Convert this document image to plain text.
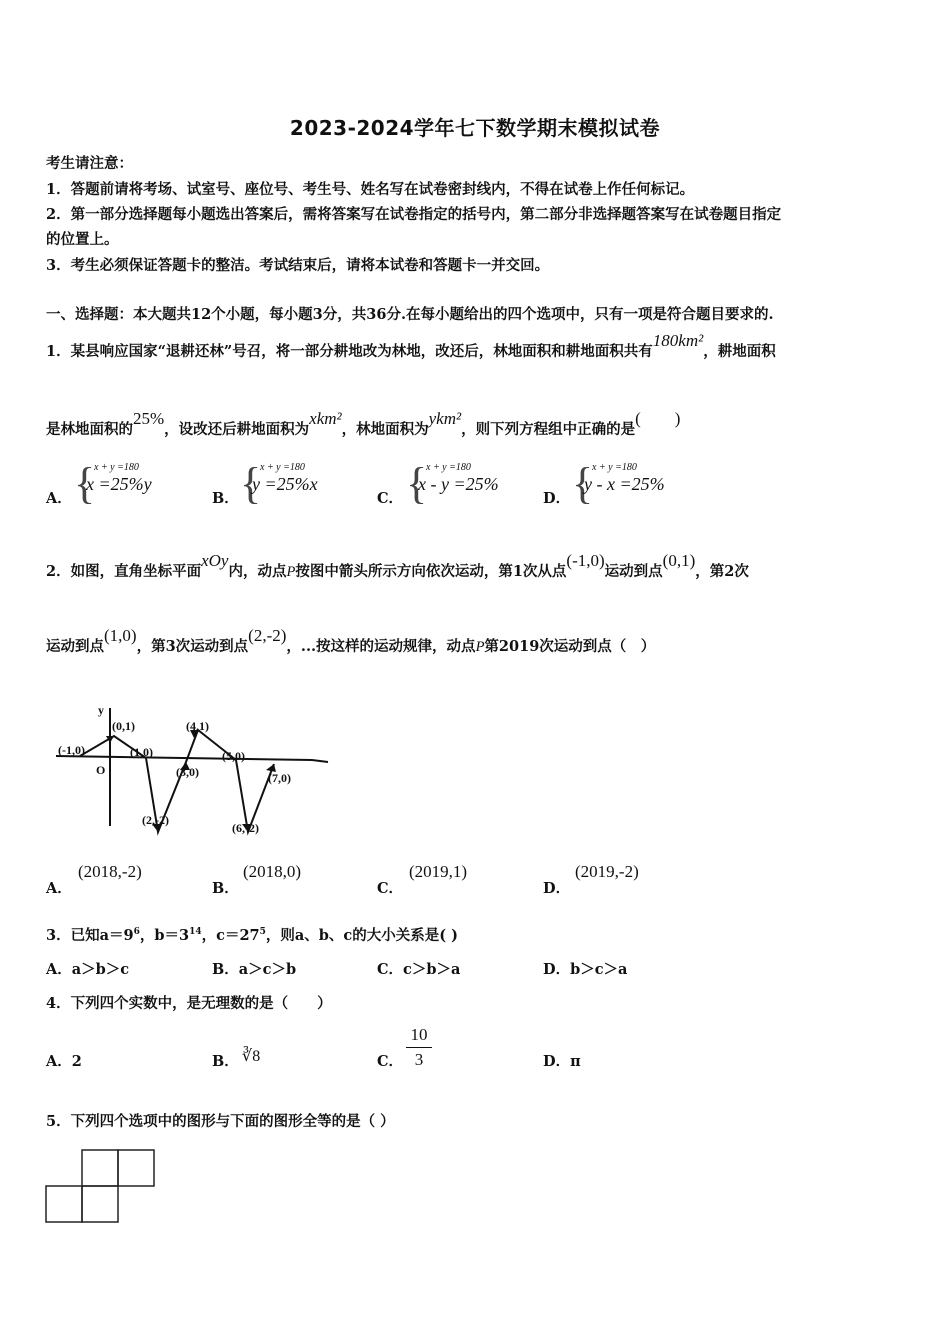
2023-2024学年七下数学期末模拟试卷
考生请注意：
1．答题前请将考场、试室号、座位号、考生号、姓名写在试卷密封线内，不得在试卷上作任何标记。
2．第一部分选择题每小题选出答案后，需将答案写在试卷指定的括号内，第二部分非选择题答案写在试卷题目指定
的位置上。
3．考生必须保证答题卡的整洁。考试结束后，请将本试卷和答题卡一并交回。
一、选择题：本大题共12个小题，每小题3分，共36分.在每小题给出的四个选项中，只有一项是符合题目要求的.
1．某县响应国家“退耕还林”号召，将一部分耕地改为林地，改还后，林地面积和耕地面积共有180km²，耕地面积
是林地面积的25%，设改还后耕地面积为xkm²，林地面积为ykm²，则下列方程组中正确的是(　　)
A． {
x + y =180
x =25%y
B． {
x + y =180
y =25%x
C． {
x + y =180
x - y =25%
D． {
x + y =180
y - x =25%
2．如图，直角坐标平面xOy内，动点P按图中箭头所示方向依次运动，第1次从点(-1,0)运动到点(0,1)，第2次
运动到点(1,0)，第3次运动到点(2,-2)，...按这样的运动规律，动点P第2019次运动到点（　）
y
(0,1)
(-1,0)	(1,0)
O
(4,1)
(3,0)
(5,0)
(7,0)
(2,-2)
(6,-2)
A．
(2018,-2)
B．
(2018,0)
C．
(2019,1)
D．
(2019,-2)
3．已知$a=9^6$，$b=3^{14}$，$c=27^5$，则a、b、c的大小关系是( )
A．a＞b＞c	B．a＞c＞b	C．c＞b＞a	D．b＞c＞a
4．下列四个实数中，是无理数的是（　　）
A．2	B． ∛8	C．
10
3	D．π
5．下列四个选项中的图形与下面的图形全等的是（ ）
